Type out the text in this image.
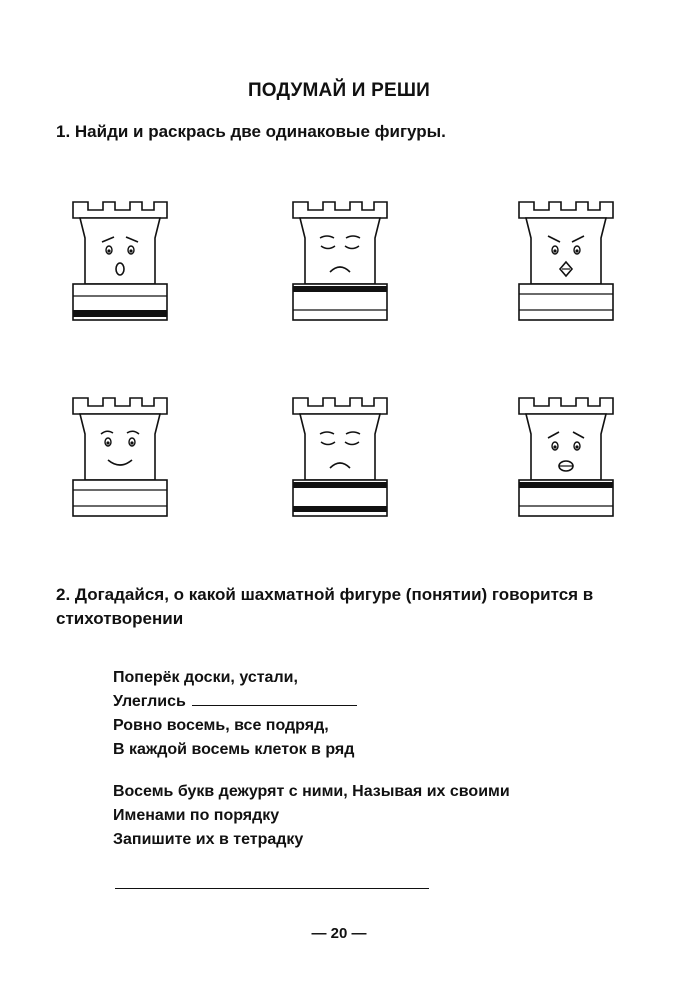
ПОДУМАЙ И РЕШИ
1. Найди и раскрась две одинаковые фигуры.
2. Догадайся, о какой шахматной фигуре (понятии) говорится в стихотворении
Поперёк доски, устали,
Улеглись
Ровно восемь, все подряд,
В каждой восемь клеток в ряд
Восемь букв дежурят с ними, Называя их своими
Именами по порядку
Запишите их в тетрадку
— 20 —
